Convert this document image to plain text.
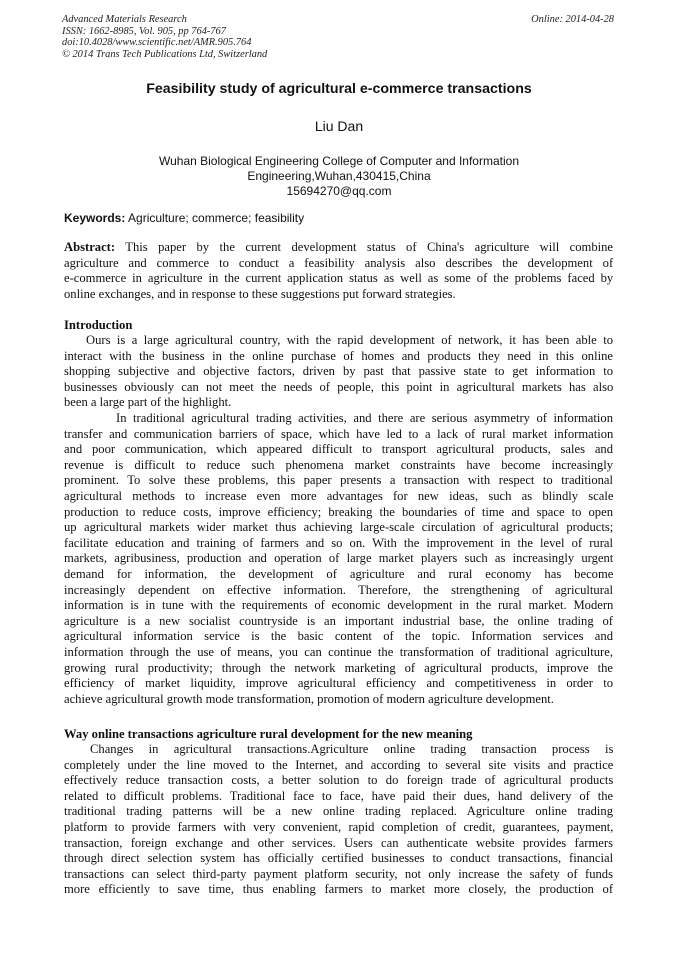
Advanced Materials Research
ISSN: 1662-8985, Vol. 905, pp 764-767
doi:10.4028/www.scientific.net/AMR.905.764
© 2014 Trans Tech Publications Ltd, Switzerland
Online: 2014-04-28
Feasibility study of agricultural e-commerce transactions
Liu Dan
Wuhan Biological Engineering College of Computer and Information
Engineering,Wuhan,430415,China
15694270@qq.com
Keywords: Agriculture; commerce; feasibility
Abstract: This paper by the current development status of China's agriculture will combine
agriculture and commerce to conduct a feasibility analysis also describes the development of
e-commerce in agriculture in the current application status as well as some of the problems faced by
online exchanges, and in response to these suggestions put forward strategies.
Introduction
Ours is a large agricultural country, with the rapid development of network, it has been able to
interact with the business in the online purchase of homes and products they need in this online
shopping subjective and objective factors, driven by past that passive state to get information to
businesses obviously can not meet the needs of people, this point in agricultural markets has also
been a large part of the highlight.
In traditional agricultural trading activities, and there are serious asymmetry of information
transfer and communication barriers of space, which have led to a lack of rural market information
and poor communication, which appeared difficult to transport agricultural products, sales and
revenue is difficult to reduce such phenomena market constraints have become increasingly
prominent. To solve these problems, this paper presents a transaction with respect to traditional
agricultural methods to increase even more advantages for new ideas, such as blindly scale
production to reduce costs, improve efficiency; breaking the boundaries of time and space to open
up agricultural markets wider market thus achieving large-scale circulation of agricultural products;
facilitate education and training of farmers and so on. With the improvement in the level of rural
markets, agribusiness, production and operation of large market players such as increasingly urgent
demand for information, the development of agriculture and rural economy has become
increasingly dependent on effective information. Therefore, the strengthening of agricultural
information is in tune with the requirements of economic development in the rural market. Modern
agriculture is a new socialist countryside is an important industrial base, the online trading of
agricultural information service is the basic content of the topic. Information services and
information through the use of means, you can continue the transformation of traditional agriculture,
growing rural productivity; through the network marketing of agricultural products, improve the
efficiency of market liquidity, improve agricultural efficiency and competitiveness in order to
achieve agricultural growth mode transformation, promotion of modern agriculture development.
Way online transactions agriculture rural development for the new meaning
Changes in agricultural transactions.Agriculture online trading transaction process is
completely under the line moved to the Internet, and according to several site visits and practice
effectively reduce transaction costs, a better solution to do foreign trade of agricultural products
related to difficult problems. Traditional face to face, have paid their dues, hand delivery of the
traditional trading patterns will be a new online trading replaced. Agriculture online trading
platform to provide farmers with very convenient, rapid completion of credit, guarantees, payment,
transaction, foreign exchange and other services. Users can authenticate website provides farmers
through direct selection system has officially certified businesses to conduct transactions, financial
transactions can select third-party payment platform security, not only increase the safety of funds
more efficiently to save time, thus enabling farmers to market more closely, the production of
